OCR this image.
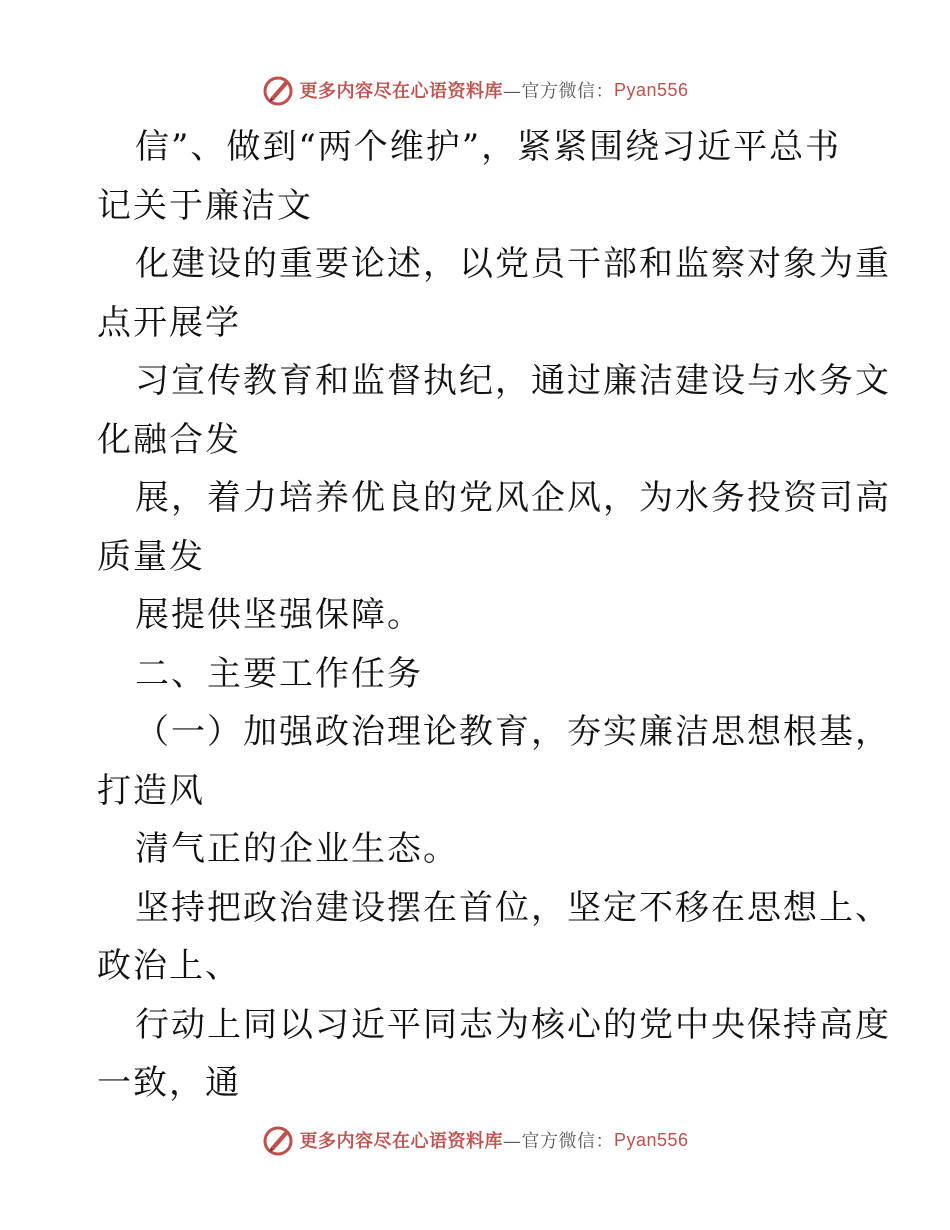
更多内容尽在心语资料库 —官方微信： Pyan556
信”、做到“两个维护”，紧紧围绕习近平总书
记关于廉洁文
化建设的重要论述，以党员干部和监察对象为重
点开展学
习宣传教育和监督执纪，通过廉洁建设与水务文
化融合发
展，着力培养优良的党风企风，为水务投资司高
质量发
展提供坚强保障。
二、主要工作任务
（一）加强政治理论教育，夯实廉洁思想根基，
打造风
清气正的企业生态。
坚持把政治建设摆在首位，坚定不移在思想上、
政治上、
行动上同以习近平同志为核心的党中央保持高度
一致，通
更多内容尽在心语资料库 —官方微信： Pyan556
